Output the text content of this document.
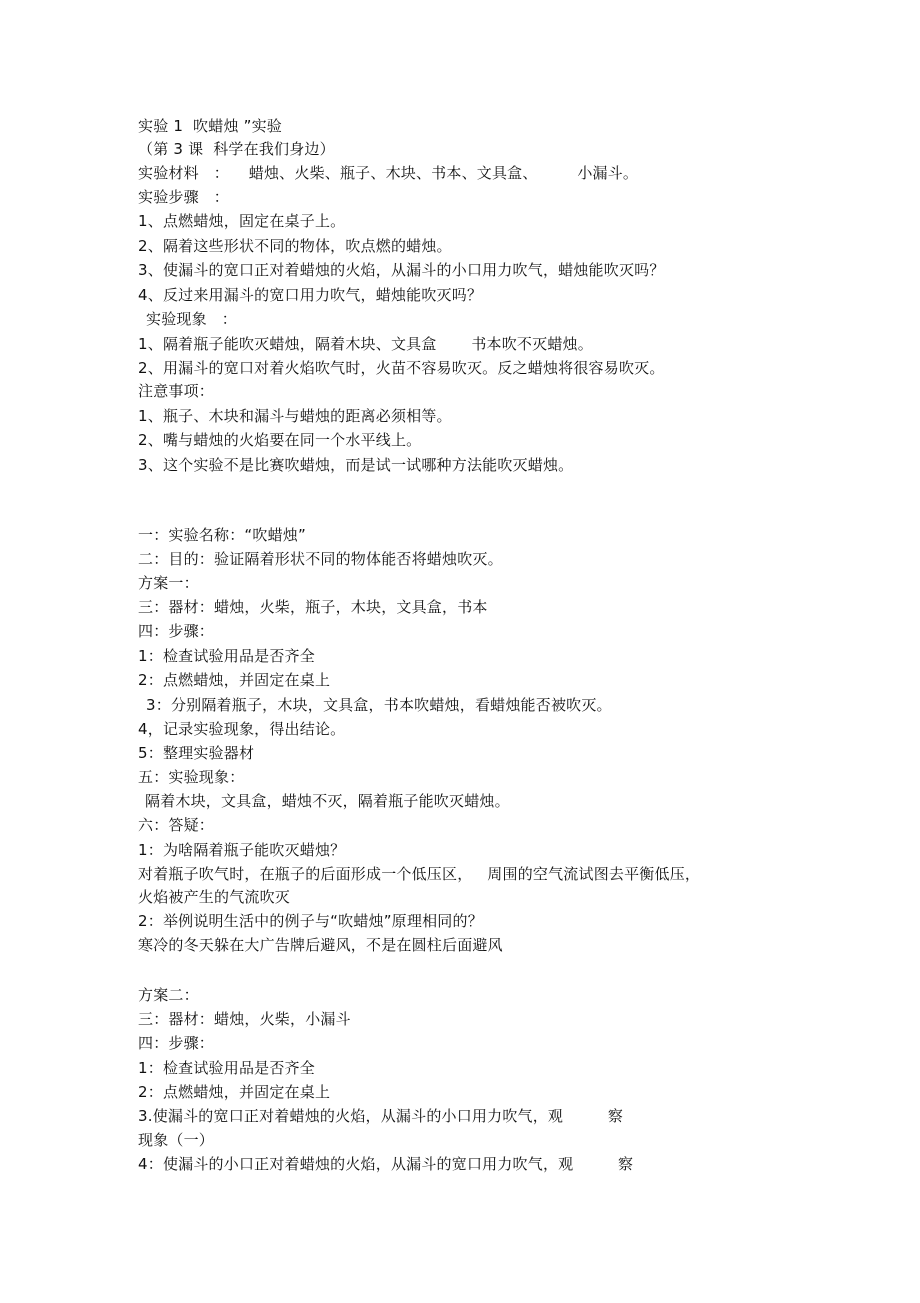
实验 1  吹蜡烛 ”实验

（第 3 课  科学在我们身边）

实验材料   ：    蜡烛、火柴、瓶子、木块、书本、文具盒、        小漏斗。

实验步骤   ：

1、点燃蜡烛，固定在桌子上。

2、隔着这些形状不同的物体，吹点燃的蜡烛。

3、使漏斗的宽口正对着蜡烛的火焰，从漏斗的小口用力吹气，蜡烛能吹灭吗？

4、反过来用漏斗的宽口用力吹气，蜡烛能吹灭吗？

实验现象   ：

1、隔着瓶子能吹灭蜡烛，隔着木块、文具盒       书本吹不灭蜡烛。

2、用漏斗的宽口对着火焰吹气时，火苗不容易吹灭。反之蜡烛将很容易吹灭。

注意事项：

1、瓶子、木块和漏斗与蜡烛的距离必须相等。

2、嘴与蜡烛的火焰要在同一个水平线上。

3、这个实验不是比赛吹蜡烛，而是试一试哪种方法能吹灭蜡烛。

一：实验名称：“吹蜡烛”

二：目的：验证隔着形状不同的物体能否将蜡烛吹灭。

方案一：

三：器材：蜡烛，火柴，瓶子，木块，文具盒，书本

四：步骤：

1：检查试验用品是否齐全

2：点燃蜡烛，并固定在桌上

3：分别隔着瓶子，木块，文具盒，书本吹蜡烛，看蜡烛能否被吹灭。

4，记录实验现象，得出结论。

5：整理实验器材

五：实验现象：

隔着木块，文具盒，蜡烛不灭，隔着瓶子能吹灭蜡烛。

六：答疑：

1：为啥隔着瓶子能吹灭蜡烛？

对着瓶子吹气时，在瓶子的后面形成一个低压区，   周围的空气流试图去平衡低压，

火焰被产生的气流吹灭

2：举例说明生活中的例子与“吹蜡烛”原理相同的？

寒冷的冬天躲在大广告牌后避风，不是在圆柱后面避风

方案二：

三：器材：蜡烛，火柴，小漏斗

四：步骤：

1：检查试验用品是否齐全

2：点燃蜡烛，并固定在桌上

3.使漏斗的宽口正对着蜡烛的火焰，从漏斗的小口用力吹气，观         察

现象（一）

4：使漏斗的小口正对着蜡烛的火焰，从漏斗的宽口用力吹气，观         察
